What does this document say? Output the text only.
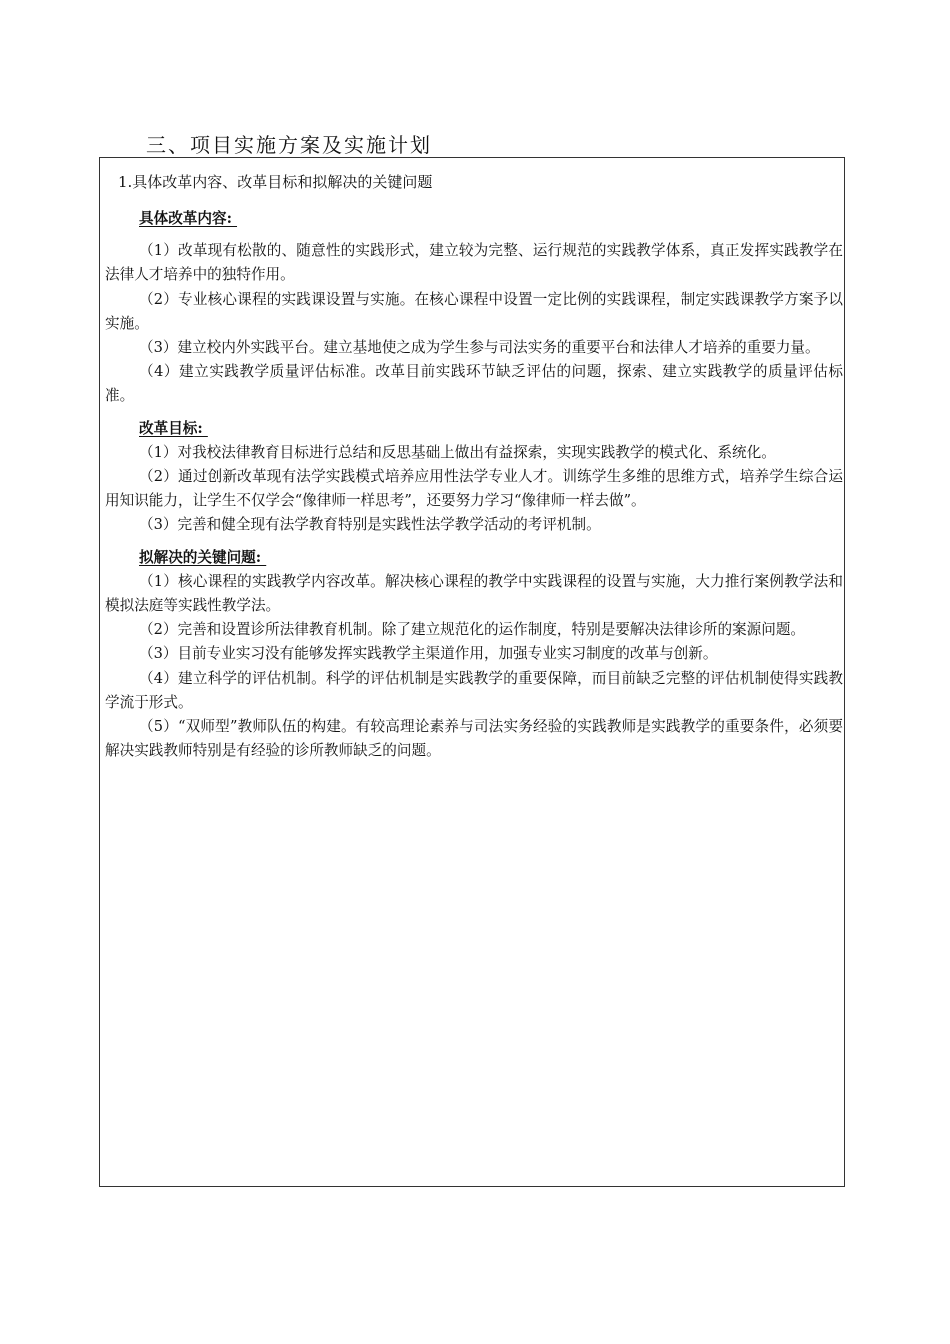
三、项目实施方案及实施计划
1.具体改革内容、改革目标和拟解决的关键问题

具体改革内容:

（1）改革现有松散的、随意性的实践形式，建立较为完整、运行规范的实践教学体系，真正发挥实践教学在法律人才培养中的独特作用。

（2）专业核心课程的实践课设置与实施。在核心课程中设置一定比例的实践课程，制定实践课教学方案予以实施。

（3）建立校内外实践平台。建立基地使之成为学生参与司法实务的重要平台和法律人才培养的重要力量。

（4）建立实践教学质量评估标准。改革目前实践环节缺乏评估的问题，探索、建立实践教学的质量评估标准。

改革目标:

（1）对我校法律教育目标进行总结和反思基础上做出有益探索，实现实践教学的模式化、系统化。

（2）通过创新改革现有法学实践模式培养应用性法学专业人才。训练学生多维的思维方式，培养学生综合运用知识能力，让学生不仅学会“像律师一样思考”，还要努力学习“像律师一样去做”。

（3）完善和健全现有法学教育特别是实践性法学教学活动的考评机制。

拟解决的关键问题:

（1）核心课程的实践教学内容改革。解决核心课程的教学中实践课程的设置与实施，大力推行案例教学法和模拟法庭等实践性教学法。

（2）完善和设置诊所法律教育机制。除了建立规范化的运作制度，特别是要解决法律诊所的案源问题。

（3）目前专业实习没有能够发挥实践教学主渠道作用，加强专业实习制度的改革与创新。

（4）建立科学的评估机制。科学的评估机制是实践教学的重要保障，而目前缺乏完整的评估机制使得实践教学流于形式。

（5）“双师型”教师队伍的构建。有较高理论素养与司法实务经验的实践教师是实践教学的重要条件，必须要解决实践教师特别是有经验的诊所教师缺乏的问题。
